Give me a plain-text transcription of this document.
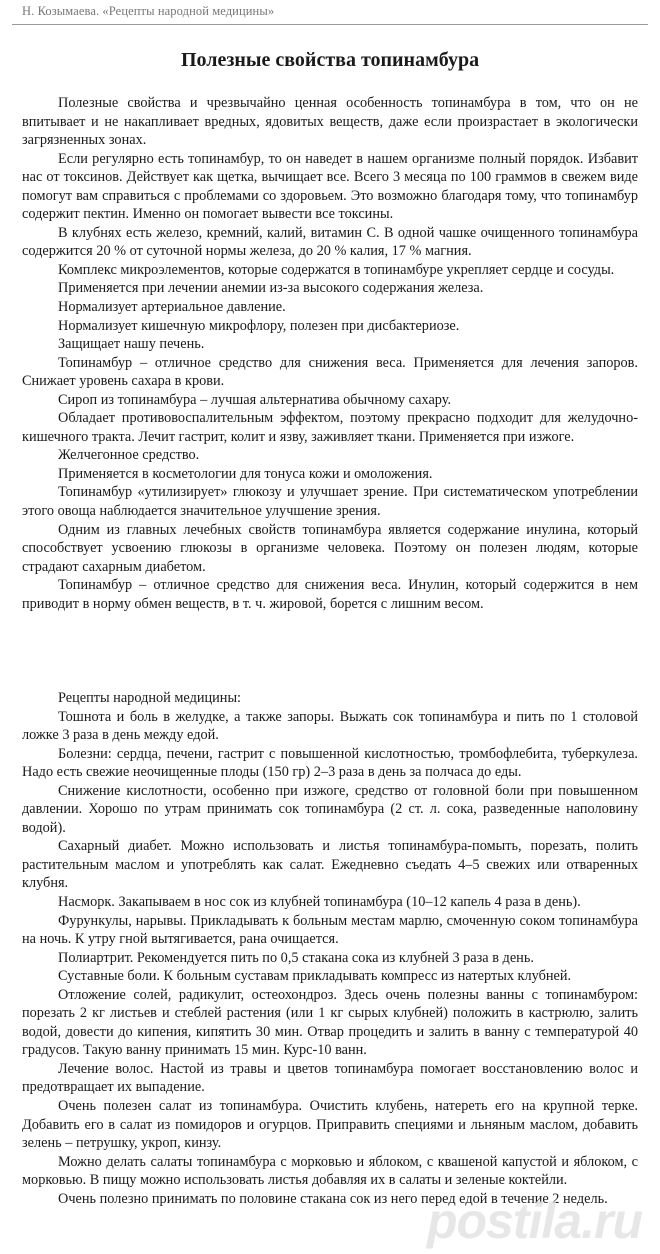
Н. Козымаева. «Рецепты народной медицины»
Полезные свойства топинамбура

Полезные свойства и чрезвычайно ценная особенность топинамбура в том, что он не впитывает и не накапливает вредных, ядовитых веществ, даже если произрастает в экологически загрязненных зонах.

Если регулярно есть топинамбур, то он наведет в нашем организме полный порядок. Избавит нас от токсинов. Действует как щетка, вычищает все. Всего 3 месяца по 100 граммов в свежем виде помогут вам справиться с проблемами со здоровьем. Это возможно благодаря тому, что топинамбур содержит пектин. Именно он помогает вывести все токсины.

В клубнях есть железо, кремний, калий, витамин С. В одной чашке очищенного топинамбура содержится 20 % от суточной нормы железа, до 20 % калия, 17 % магния.

Комплекс микроэлементов, которые содержатся в топинамбуре укрепляет сердце и сосуды.

Применяется при лечении анемии из-за высокого содержания железа.

Нормализует артериальное давление.

Нормализует кишечную микрофлору, полезен при дисбактериозе.

Защищает нашу печень.

Топинамбур – отличное средство для снижения веса. Применяется для лечения запоров. Снижает уровень сахара в крови.

Сироп из топинамбура – лучшая альтернатива обычному сахару.

Обладает противовоспалительным эффектом, поэтому прекрасно подходит для желудочно-кишечного тракта. Лечит гастрит, колит и язву, заживляет ткани. Применяется при изжоге.

Желчегонное средство.

Применяется в косметологии для тонуса кожи и омоложения.

Топинамбур «утилизирует» глюкозу и улучшает зрение. При систематическом употреблении этого овоща наблюдается значительное улучшение зрения.

Одним из главных лечебных свойств топинамбура является содержание инулина, который способствует усвоению глюкозы в организме человека. Поэтому он полезен людям, которые страдают сахарным диабетом.

Топинамбур – отличное средство для снижения веса. Инулин, который содержится в нем приводит в норму обмен веществ, в т. ч. жировой, борется с лишним весом.

Рецепты народной медицины:

Тошнота и боль в желудке, а также запоры. Выжать сок топинамбура и пить по 1 столовой ложке 3 раза в день между едой.

Болезни: сердца, печени, гастрит с повышенной кислотностью, тромбофлебита, туберкулеза. Надо есть свежие неочищенные плоды (150 гр) 2–3 раза в день за полчаса до еды.

Снижение кислотности, особенно при изжоге, средство от головной боли при повышенном давлении. Хорошо по утрам принимать сок топинамбура (2 ст. л. сока, разведенные наполовину водой).

Сахарный диабет. Можно использовать и листья топинамбура-помыть, порезать, полить растительным маслом и употреблять как салат. Ежедневно съедать 4–5 свежих или отваренных клубня.

Насморк. Закапываем в нос сок из клубней топинамбура (10–12 капель 4 раза в день).

Фурункулы, нарывы. Прикладывать к больным местам марлю, смоченную соком топинамбура на ночь. К утру гной вытягивается, рана очищается.

Полиартрит. Рекомендуется пить по 0,5 стакана сока из клубней 3 раза в день.

Суставные боли. К больным суставам прикладывать компресс из натертых клубней.

Отложение солей, радикулит, остеохондроз. Здесь очень полезны ванны с топинамбуром: порезать 2 кг листьев и стеблей растения (или 1 кг сырых клубней) положить в кастрюлю, залить водой, довести до кипения, кипятить 30 мин. Отвар процедить и залить в ванну с температурой 40 градусов. Такую ванну принимать 15 мин. Курс-10 ванн.

Лечение волос. Настой из травы и цветов топинамбура помогает восстановлению волос и предотвращает их выпадение.

Очень полезен салат из топинамбура. Очистить клубень, натереть его на крупной терке. Добавить его в салат из помидоров и огурцов. Приправить специями и льняным маслом, добавить зелень – петрушку, укроп, кинзу.

Можно делать салаты топинамбура с морковью и яблоком, с квашеной капустой и яблоком, с морковью. В пищу можно использовать листья добавляя их в салаты и зеленые коктейли.

Очень полезно принимать по половине стакана сок из него перед едой в течение 2 недель.

postila.ru
